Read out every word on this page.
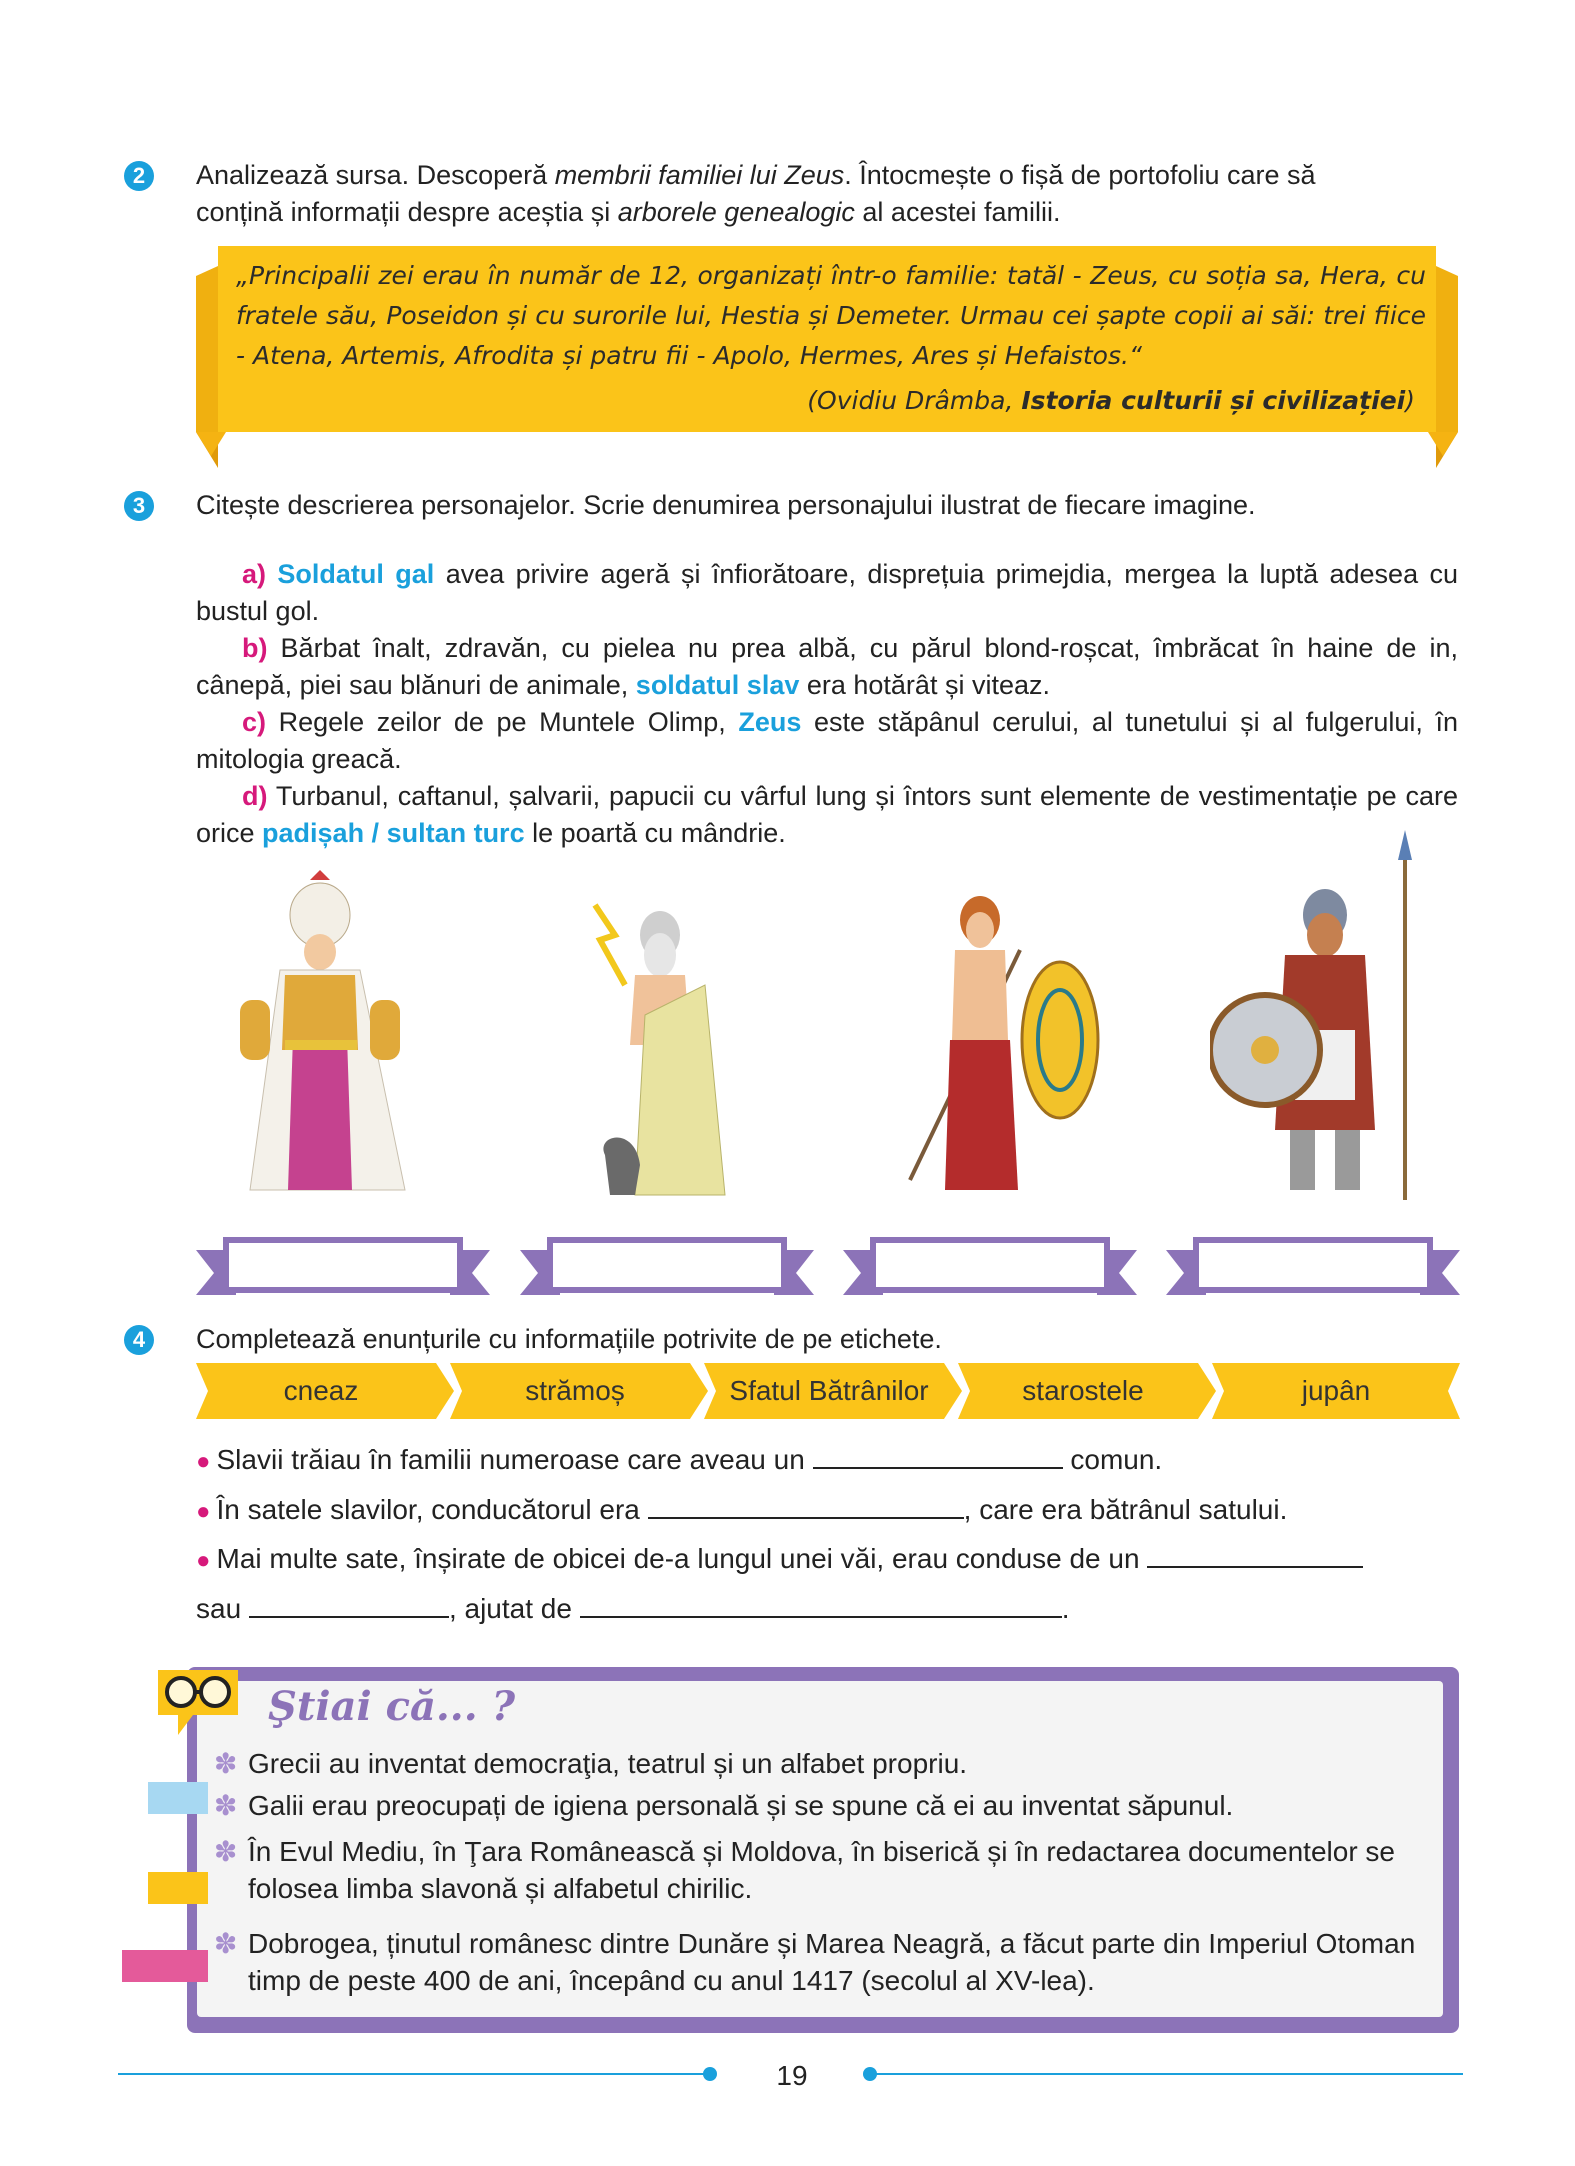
2	Analizează sursa. Descoperă membrii familiei lui Zeus. Întocmește o fișă de portofoliu care să
conțină informații despre aceștia și arborele genealogic al acestei familii.
„Principalii zei erau în număr de 12, organizați într-o familie: tatăl - Zeus, cu soția sa, Hera, cu fratele său, Poseidon și cu surorile lui, Hestia și Demeter. Urmau cei șapte copii ai săi: trei fiice - Atena, Artemis, Afrodita și patru fii - Apolo, Hermes, Ares și Hefaistos.“
(Ovidiu Drâmba, Istoria culturii și civilizației)
3	Citește descrierea personajelor. Scrie denumirea personajului ilustrat de fiecare imagine.
a) Soldatul gal avea privire ageră și înfiorătoare, disprețuia primejdia, mergea la luptă adesea cu bustul gol.
b) Bărbat înalt, zdravăn, cu pielea nu prea albă, cu părul blond-roșcat, îmbrăcat în haine de in, cânepă, piei sau blănuri de animale, soldatul slav era hotărât și viteaz.
c) Regele zeilor de pe Muntele Olimp, Zeus este stăpânul cerului, al tunetului și al fulgerului, în mitologia greacă.
d) Turbanul, caftanul, șalvarii, papucii cu vârful lung și întors sunt elemente de vestimentație pe care orice padișah / sultan turc le poartă cu mândrie.
4	Completează enunțurile cu informațiile potrivite de pe etichete.
cneaz	strămoș	Sfatul Bătrânilor	starostele	jupân
● Slavii trăiau în familii numeroase care aveau un	comun.
● În satele slavilor, conducătorul era	, care era bătrânul satului.
● Mai multe sate, înșirate de obicei de-a lungul unei văi, erau conduse de un
sau	, ajutat de	.
Ştiai că... ?
✽ Grecii au inventat democraţia, teatrul și un alfabet propriu.
✽ Galii erau preocupați de igiena personală și se spune că ei au inventat săpunul.
✽ În Evul Mediu, în Ţara Românească și Moldova, în biserică și în redactarea documentelor se folosea limba slavonă și alfabetul chirilic.
✽ Dobrogea, ținutul românesc dintre Dunăre și Marea Neagră, a făcut parte din Imperiul Otoman timp de peste 400 de ani, începând cu anul 1417 (secolul al XV-lea).
19
